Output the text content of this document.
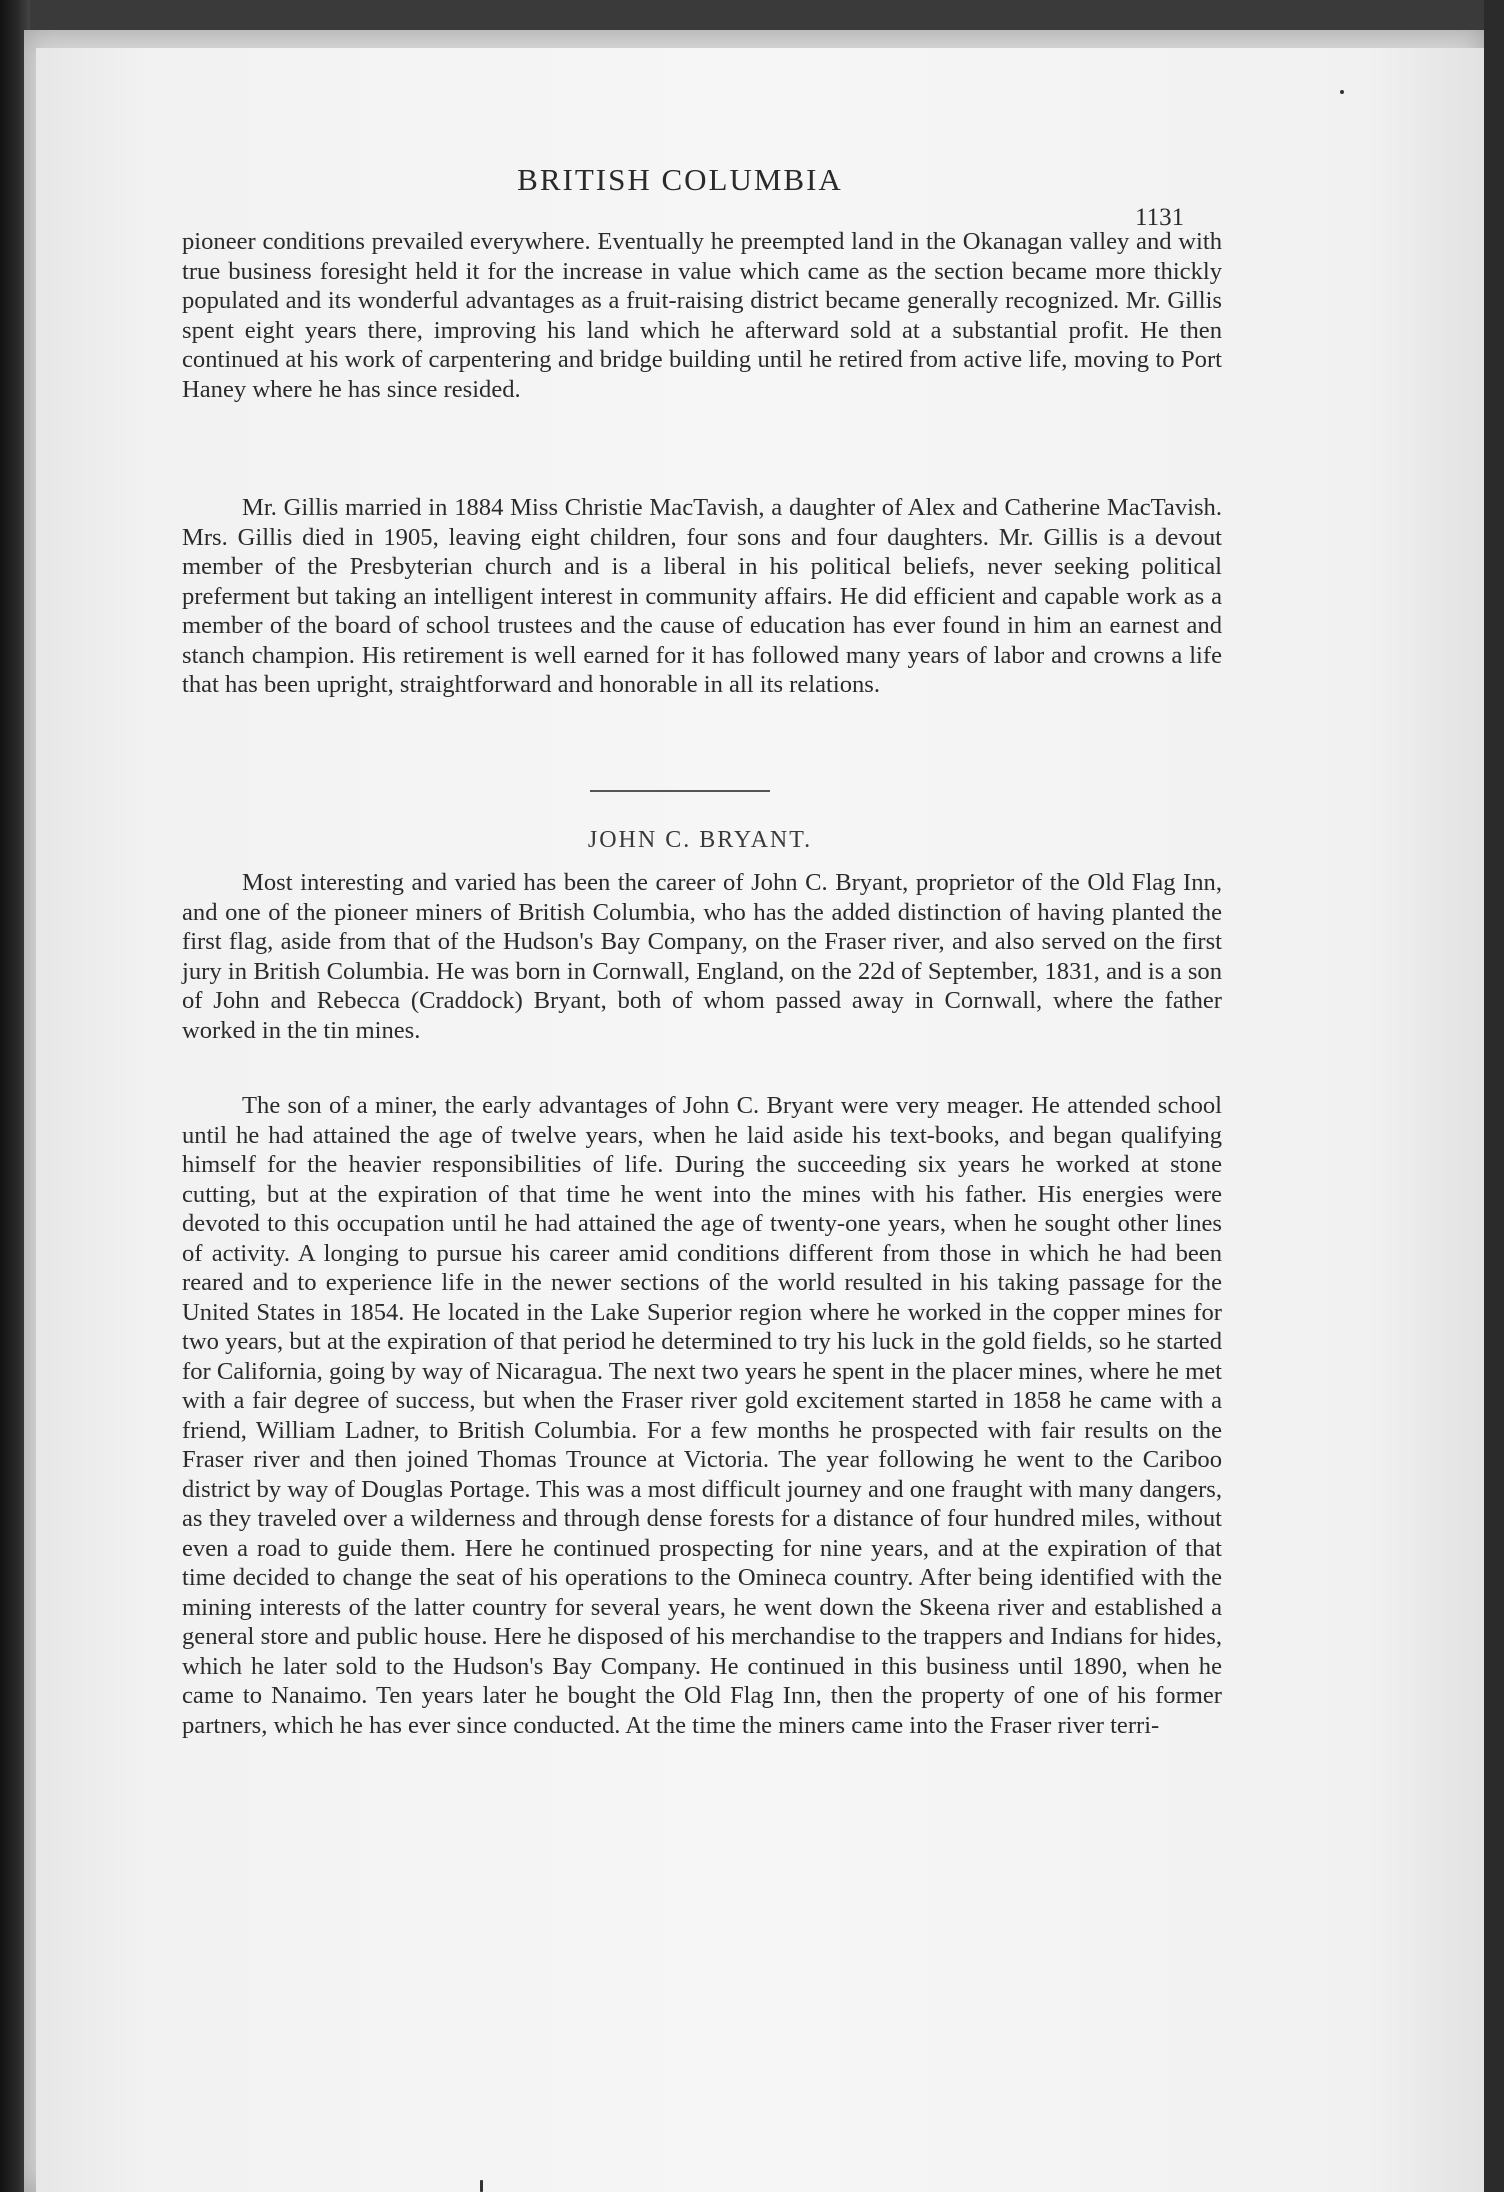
BRITISH COLUMBIA
1131

pioneer conditions prevailed everywhere. Eventually he preempted land in the Okanagan valley and with true business foresight held it for the increase in value which came as the section became more thickly populated and its wonderful advantages as a fruit-raising district became generally recognized. Mr. Gillis spent eight years there, improving his land which he afterward sold at a substantial profit. He then continued at his work of carpentering and bridge building until he retired from active life, moving to Port Haney where he has since resided.

Mr. Gillis married in 1884 Miss Christie MacTavish, a daughter of Alex and Catherine MacTavish. Mrs. Gillis died in 1905, leaving eight children, four sons and four daughters. Mr. Gillis is a devout member of the Presbyterian church and is a liberal in his political beliefs, never seeking political preferment but taking an intelligent interest in community affairs. He did efficient and capable work as a member of the board of school trustees and the cause of education has ever found in him an earnest and stanch champion. His retirement is well earned for it has followed many years of labor and crowns a life that has been upright, straightforward and honorable in all its relations.

JOHN C. BRYANT.

Most interesting and varied has been the career of John C. Bryant, proprietor of the Old Flag Inn, and one of the pioneer miners of British Columbia, who has the added distinction of having planted the first flag, aside from that of the Hudson's Bay Company, on the Fraser river, and also served on the first jury in British Columbia. He was born in Cornwall, England, on the 22d of September, 1831, and is a son of John and Rebecca (Craddock) Bryant, both of whom passed away in Cornwall, where the father worked in the tin mines.

The son of a miner, the early advantages of John C. Bryant were very meager. He attended school until he had attained the age of twelve years, when he laid aside his text-books, and began qualifying himself for the heavier responsibilities of life. During the succeeding six years he worked at stone cutting, but at the expiration of that time he went into the mines with his father. His energies were devoted to this occupation until he had attained the age of twenty-one years, when he sought other lines of activity. A longing to pursue his career amid conditions different from those in which he had been reared and to experience life in the newer sections of the world resulted in his taking passage for the United States in 1854. He located in the Lake Superior region where he worked in the copper mines for two years, but at the expiration of that period he determined to try his luck in the gold fields, so he started for California, going by way of Nicaragua. The next two years he spent in the placer mines, where he met with a fair degree of success, but when the Fraser river gold excitement started in 1858 he came with a friend, William Ladner, to British Columbia. For a few months he prospected with fair results on the Fraser river and then joined Thomas Trounce at Victoria. The year following he went to the Cariboo district by way of Douglas Portage. This was a most difficult journey and one fraught with many dangers, as they traveled over a wilderness and through dense forests for a distance of four hundred miles, without even a road to guide them. Here he continued prospecting for nine years, and at the expiration of that time decided to change the seat of his operations to the Omineca country. After being identified with the mining interests of the latter country for several years, he went down the Skeena river and established a general store and public house. Here he disposed of his merchandise to the trappers and Indians for hides, which he later sold to the Hudson's Bay Company. He continued in this business until 1890, when he came to Nanaimo. Ten years later he bought the Old Flag Inn, then the property of one of his former partners, which he has ever since conducted. At the time the miners came into the Fraser river terri-
